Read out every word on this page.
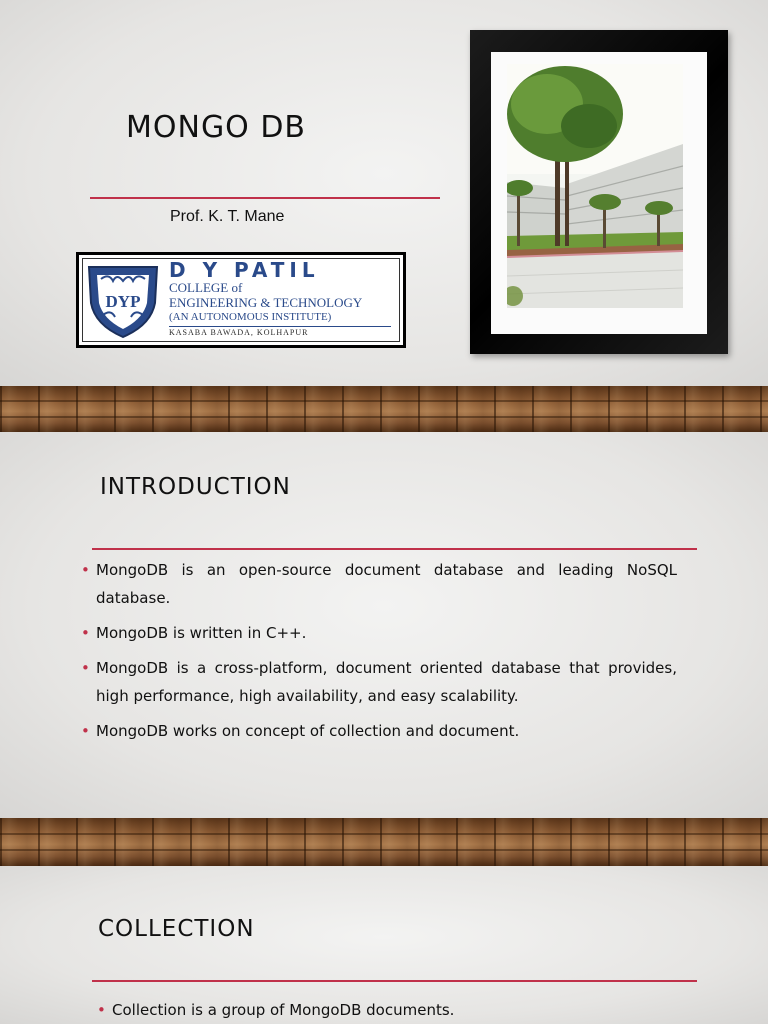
MONGO DB
Prof. K. T. Mane
DYP
D Y PATIL
COLLEGE of
ENGINEERING & TECHNOLOGY
(AN AUTONOMOUS INSTITUTE)
KASABA BAWADA, KOLHAPUR
INTRODUCTION
• MongoDB is an open-source document database and leading NoSQL database.
• MongoDB is written in C++.
• MongoDB is a cross-platform, document oriented database that provides, high performance, high availability, and easy scalability.
• MongoDB works on concept of collection and document.
COLLECTION
• Collection is a group of MongoDB documents.
